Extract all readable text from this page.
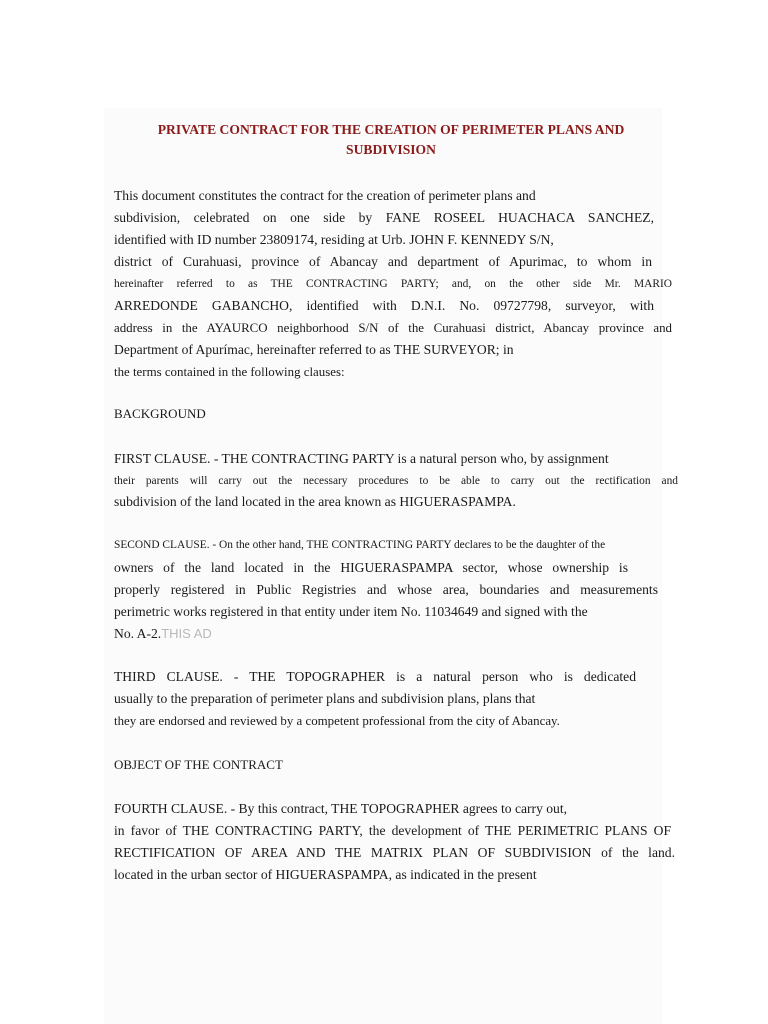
PRIVATE CONTRACT FOR THE CREATION OF PERIMETER PLANS AND
SUBDIVISION
This document constitutes the contract for the creation of perimeter plans and
subdivision, celebrated on one side by FANE ROSEEL HUACHACA SANCHEZ,
identified with ID number 23809174, residing at Urb. JOHN F. KENNEDY S/N,
district of Curahuasi, province of Abancay and department of Apurimac, to whom in
hereinafter referred to as THE CONTRACTING PARTY; and, on the other side Mr. MARIO
ARREDONDE GABANCHO, identified with D.N.I. No. 09727798, surveyor, with
address in the AYAURCO neighborhood S/N of the Curahuasi district, Abancay province and
Department of Apurímac, hereinafter referred to as THE SURVEYOR; in
the terms contained in the following clauses:
BACKGROUND
FIRST CLAUSE. - THE CONTRACTING PARTY is a natural person who, by assignment
their parents will carry out the necessary procedures to be able to carry out the rectification and
subdivision of the land located in the area known as HIGUERASPAMPA.
SECOND CLAUSE. - On the other hand, THE CONTRACTING PARTY declares to be the daughter of the
owners of the land located in the HIGUERASPAMPA sector, whose ownership is
properly registered in Public Registries and whose area, boundaries and measurements
perimetric works registered in that entity under item No. 11034649 and signed with the
No. A-2.THIS AD
THIRD CLAUSE. - THE TOPOGRAPHER is a natural person who is dedicated
usually to the preparation of perimeter plans and subdivision plans, plans that
they are endorsed and reviewed by a competent professional from the city of Abancay.
OBJECT OF THE CONTRACT
FOURTH CLAUSE. - By this contract, THE TOPOGRAPHER agrees to carry out,
in favor of THE CONTRACTING PARTY, the development of THE PERIMETRIC PLANS OF
RECTIFICATION OF AREA AND THE MATRIX PLAN OF SUBDIVISION of the land.
located in the urban sector of HIGUERASPAMPA, as indicated in the present
